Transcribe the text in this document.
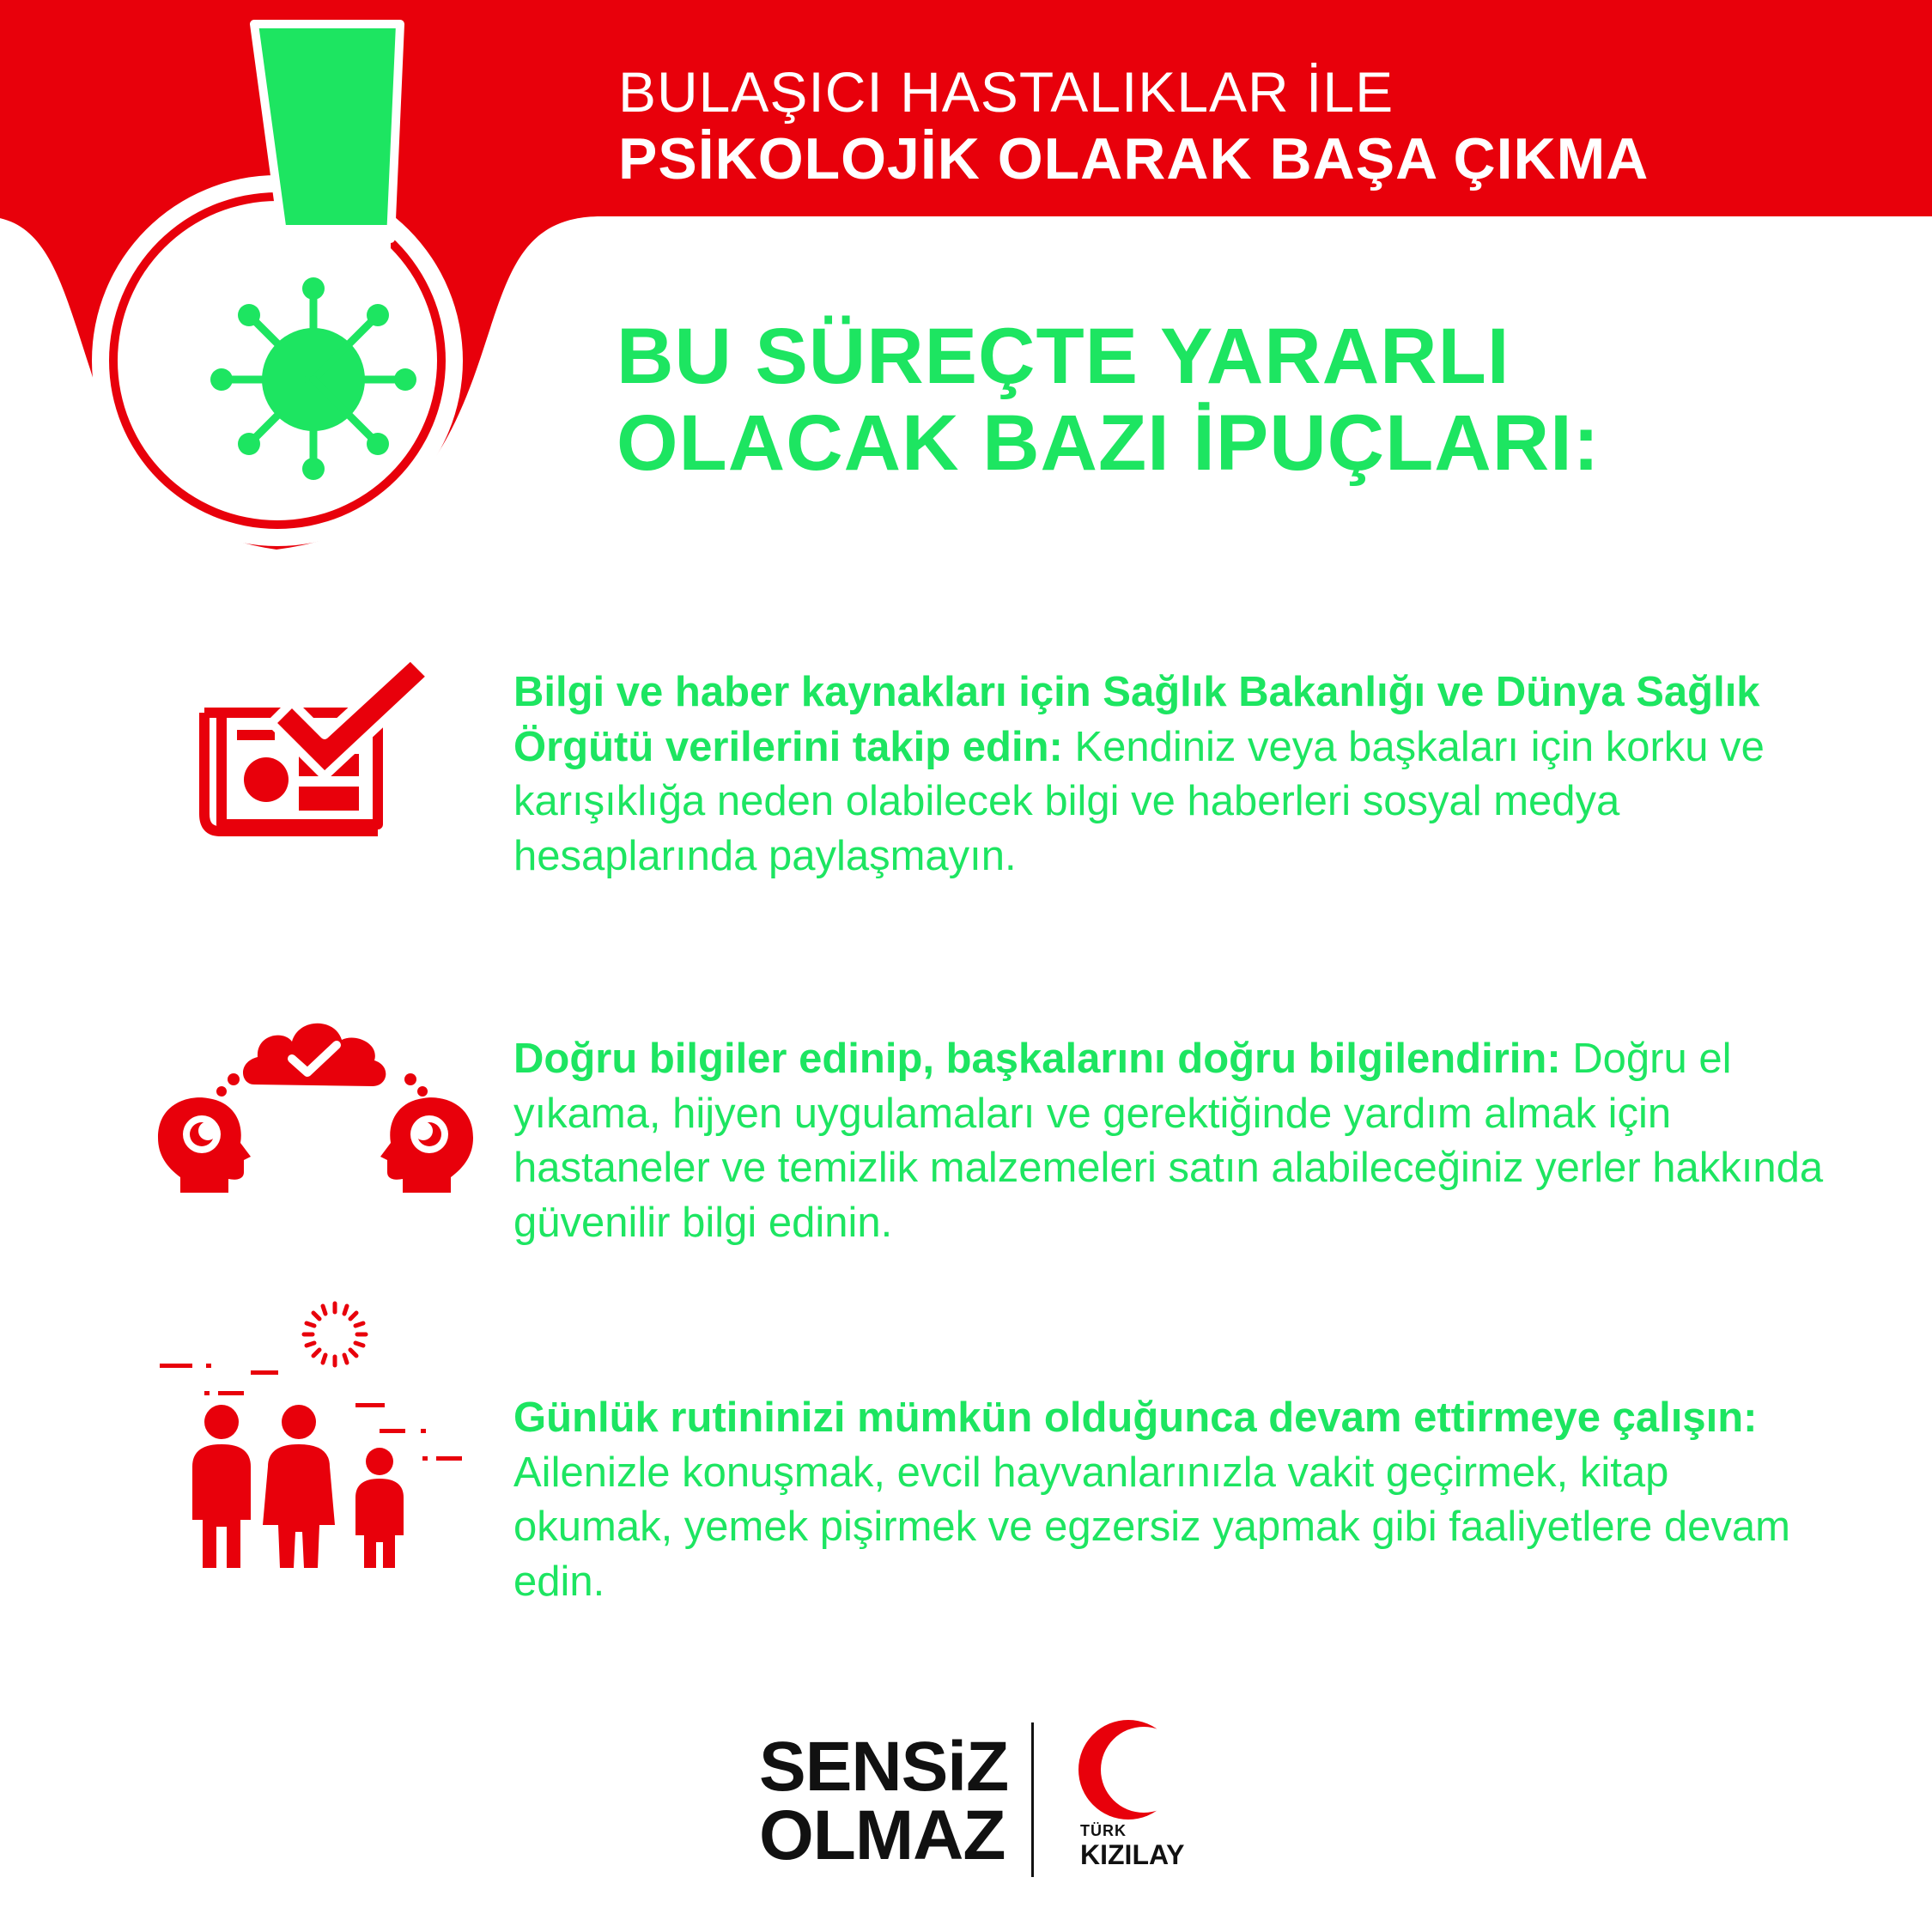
BULAŞICI HASTALIKLAR İLE
PSİKOLOJİK OLARAK BAŞA ÇIKMA
BU SÜREÇTE YARARLI
OLACAK BAZI İPUÇLARI:
Bilgi ve haber kaynakları için Sağlık Bakanlığı ve Dünya Sağlık Örgütü verilerini takip edin: Kendiniz veya başkaları için korku ve karışıklığa neden olabilecek bilgi ve haberleri sosyal medya hesaplarında paylaşmayın.
Doğru bilgiler edinip, başkalarını doğru bilgilendirin: Doğru el yıkama, hijyen uygulamaları ve gerektiğinde yardım almak için hastaneler ve temizlik malzemeleri satın alabileceğiniz yerler hakkında güvenilir bilgi edinin.
Günlük rutininizi mümkün olduğunca devam ettirmeye çalışın: Ailenizle konuşmak, evcil hayvanlarınızla vakit geçirmek, kitap okumak, yemek pişirmek ve egzersiz yapmak gibi faaliyetlere devam edin.
SENSiZ
OLMAZ	TÜRK
KIZILAY
